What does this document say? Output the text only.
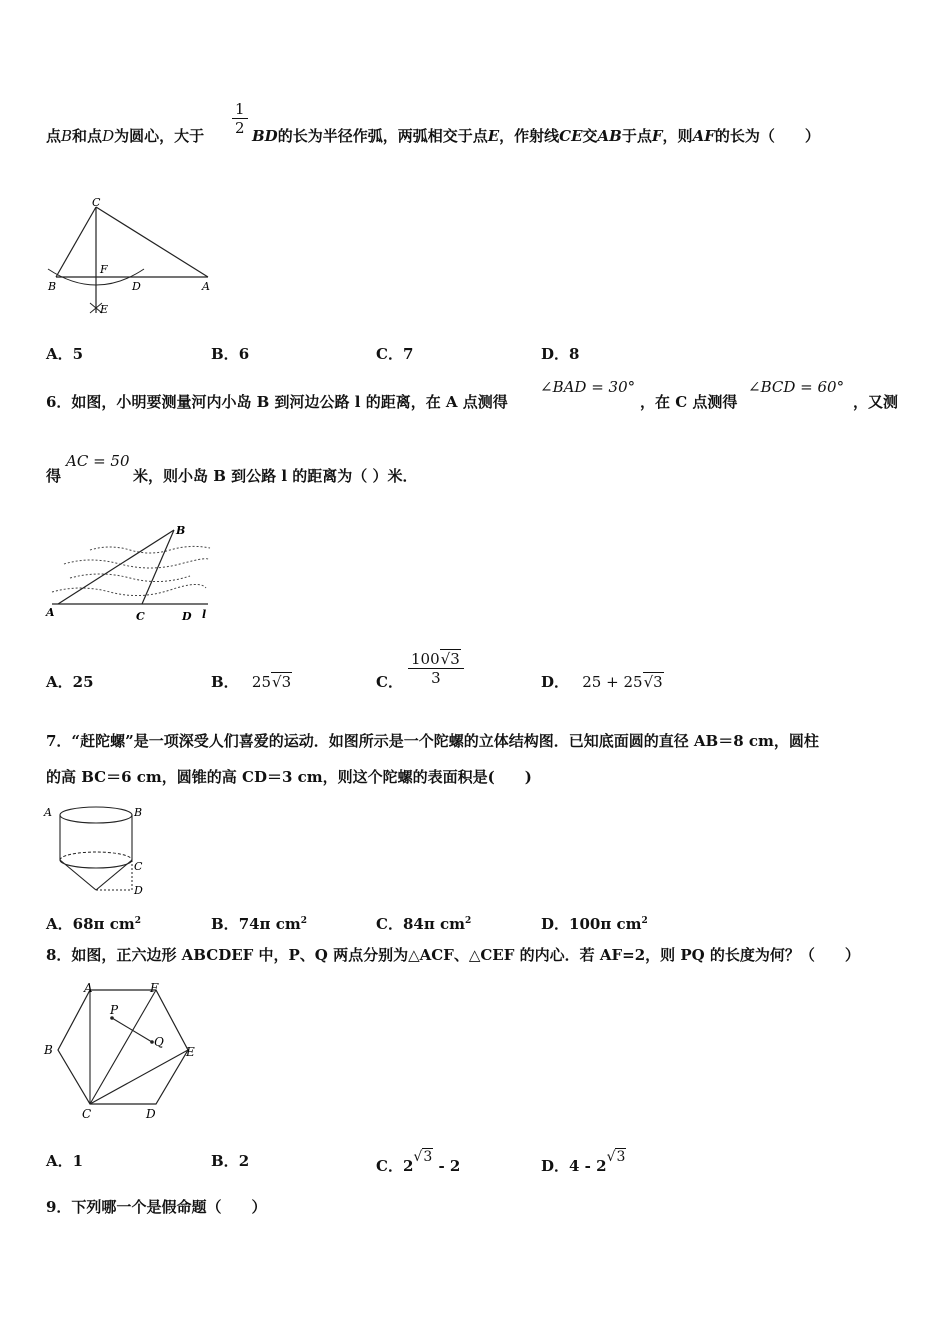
点B和点D为圆心，大于 $\frac{1}{2}$ BD的长为半径作弧，两弧相交于点E，作射线CE交AB于点F，则AF的长为（　　）
C
F
B	D	A
E
A．5	B．6	C．7	D．8
6．如图，小明要测量河内小岛 B 到河边公路 l 的距离，在 A 点测得
∠BAD = 30°
，在 C 点测得
∠BCD = 60°
，又测
得
AC = 50
米，则小岛 B 到公路 l 的距离为（ ）米．
B
A	C	D l
A．25	B． 25√3	C． $\frac{100√3}{3}$	D． 25 + 25√3
7．“赶陀螺”是一项深受人们喜爱的运动．如图所示是一个陀螺的立体结构图．已知底面圆的直径 AB＝8 cm，圆柱
的高 BC＝6 cm，圆锥的高 CD＝3 cm，则这个陀螺的表面积是(　　)
A	B
C
D
A．68π $cm^2$	B．74π $cm^2$	C．84π $cm^2$	D．100π $cm^2$
8．如图，正六边形 ABCDEF 中，P、Q 两点分别为△ACF、△CEF 的内心．若 AF=2，则 PQ 的长度为何？（　　）
A	F
P
B
Q
E
C	D
A．1	B．2	C．$2^{√3} - 2$	D．$4 - 2^{√3}$
9．下列哪一个是假命题（　　）
